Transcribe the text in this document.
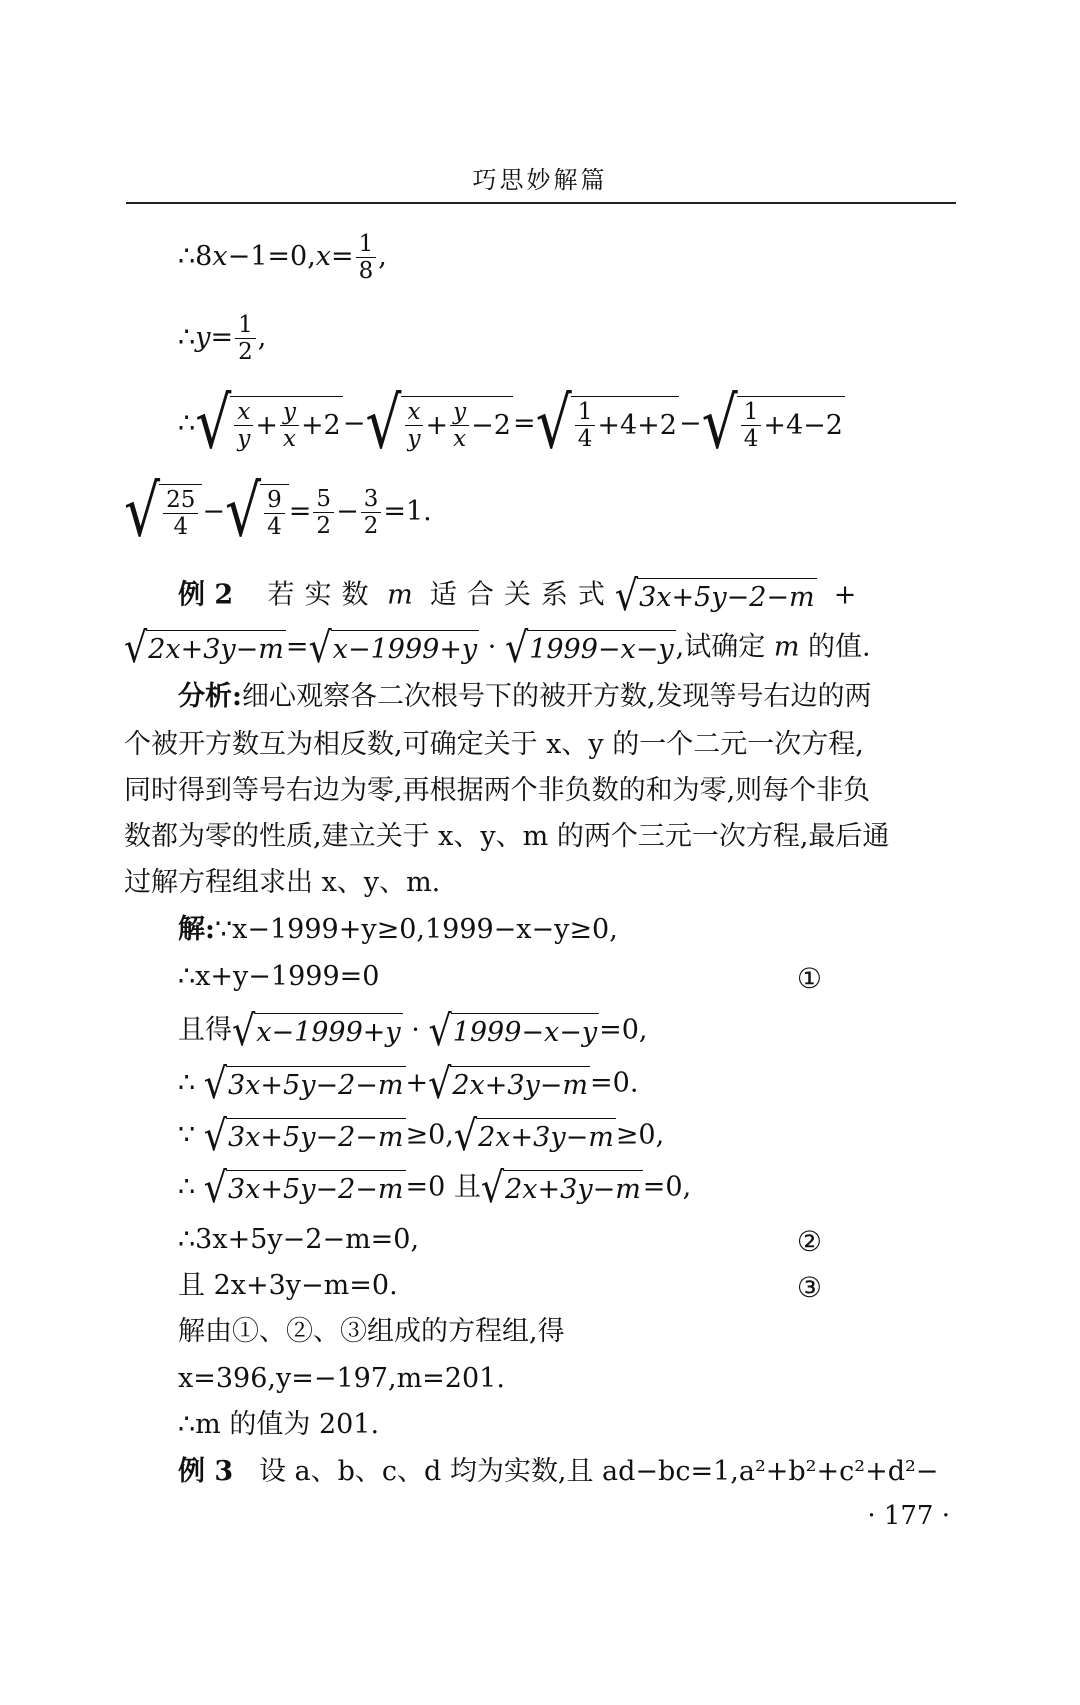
巧思妙解篇
∴8x−1=0,x= $\frac{1}{8}$ ,
∴y= $\frac{1}{2}$ ,
∴ √ x
$y + \frac{y}{x} +2$ − √ x
$y + \frac{y}{x} -2$ = √ 1
4 +4+2 − √ 1
4 +4−2
√ 25
4
− √ 9
4
= $\frac{5}{2} - \frac{3}{2} =1$.
例 2 若实数 m 适合关系式 √ 3x+5y−2−m +
√ 2x+3y−m = √ x−1999+y · √ 1999−x−y ,试确定 m 的值.
分析:细心观察各二次根号下的被开方数,发现等号右边的两
个被开方数互为相反数,可确定关于 x、y 的一个二元一次方程,
同时得到等号右边为零,再根据两个非负数的和为零,则每个非负
数都为零的性质,建立关于 x、y、m 的两个三元一次方程,最后通
过解方程组求出 x、y、m.
解:∵x−1999+y≥0,1999−x−y≥0,
∴x+y−1999=0	①
且得 √ x−1999+y · √ 1999−x−y =0,
∴ √ 3x+5y−2−m + √ 2x+3y−m =0.
∵ √ 3x+5y−2−m ≥0, √ 2x+3y−m ≥0,
∴ √ 3x+5y−2−m =0 且 √ 2x+3y−m =0,
∴3x+5y−2−m=0,	②
且 2x+3y−m=0.	③
解由①、②、③组成的方程组,得
x=396,y=−197,m=201.
∴m 的值为 201.
例 3 设 a、b、c、d 均为实数,且 ad−bc=1,a²+b²+c²+d²−
· 177 ·
